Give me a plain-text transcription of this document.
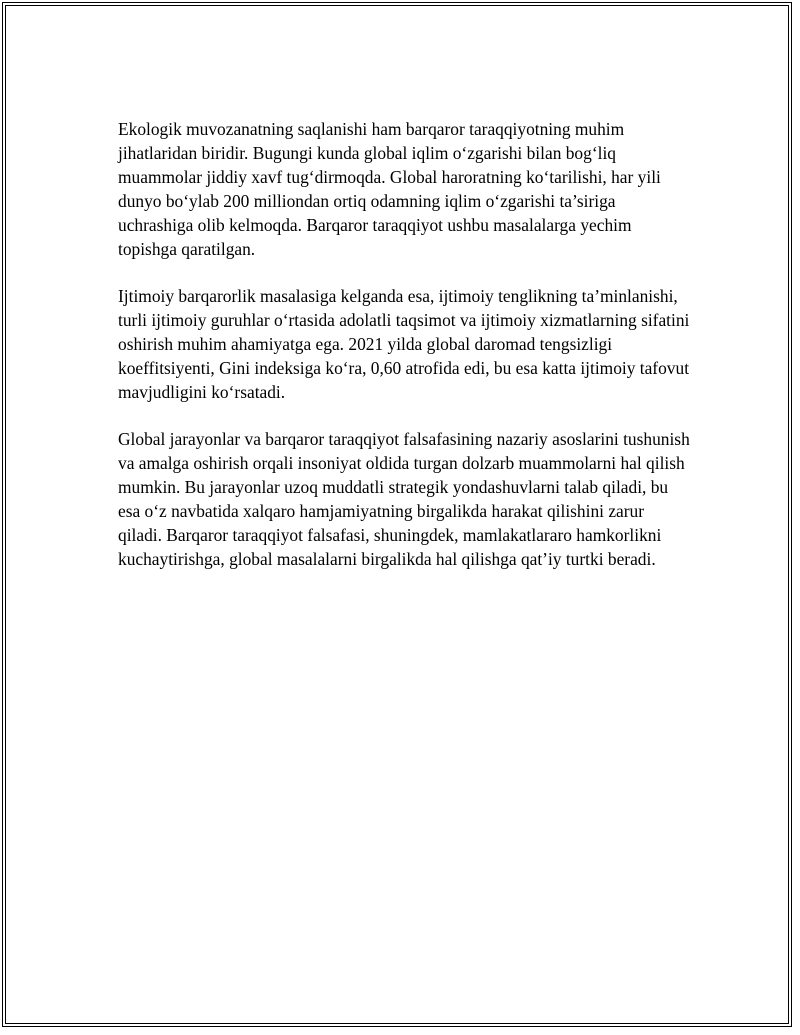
Ekologik muvozanatning saqlanishi ham barqaror taraqqiyotning muhim jihatlaridan biridir. Bugungi kunda global iqlim o‘zgarishi bilan bog‘liq muammolar jiddiy xavf tug‘dirmoqda. Global haroratning ko‘tarilishi, har yili dunyo bo‘ylab 200 milliondan ortiq odamning iqlim o‘zgarishi ta’siriga uchrashiga olib kelmoqda. Barqaror taraqqiyot ushbu masalalarga yechim topishga qaratilgan.

Ijtimoiy barqarorlik masalasiga kelganda esa, ijtimoiy tenglikning ta’minlanishi, turli ijtimoiy guruhlar o‘rtasida adolatli taqsimot va ijtimoiy xizmatlarning sifatini oshirish muhim ahamiyatga ega. 2021 yilda global daromad tengsizligi koeffitsiyenti, Gini indeksiga ko‘ra, 0,60 atrofida edi, bu esa katta ijtimoiy tafovut mavjudligini ko‘rsatadi.

Global jarayonlar va barqaror taraqqiyot falsafasining nazariy asoslarini tushunish va amalga oshirish orqali insoniyat oldida turgan dolzarb muammolarni hal qilish mumkin. Bu jarayonlar uzoq muddatli strategik yondashuvlarni talab qiladi, bu esa o‘z navbatida xalqaro hamjamiyatning birgalikda harakat qilishini zarur qiladi. Barqaror taraqqiyot falsafasi, shuningdek, mamlakatlararo hamkorlikni kuchaytirishga, global masalalarni birgalikda hal qilishga qat’iy turtki beradi.
